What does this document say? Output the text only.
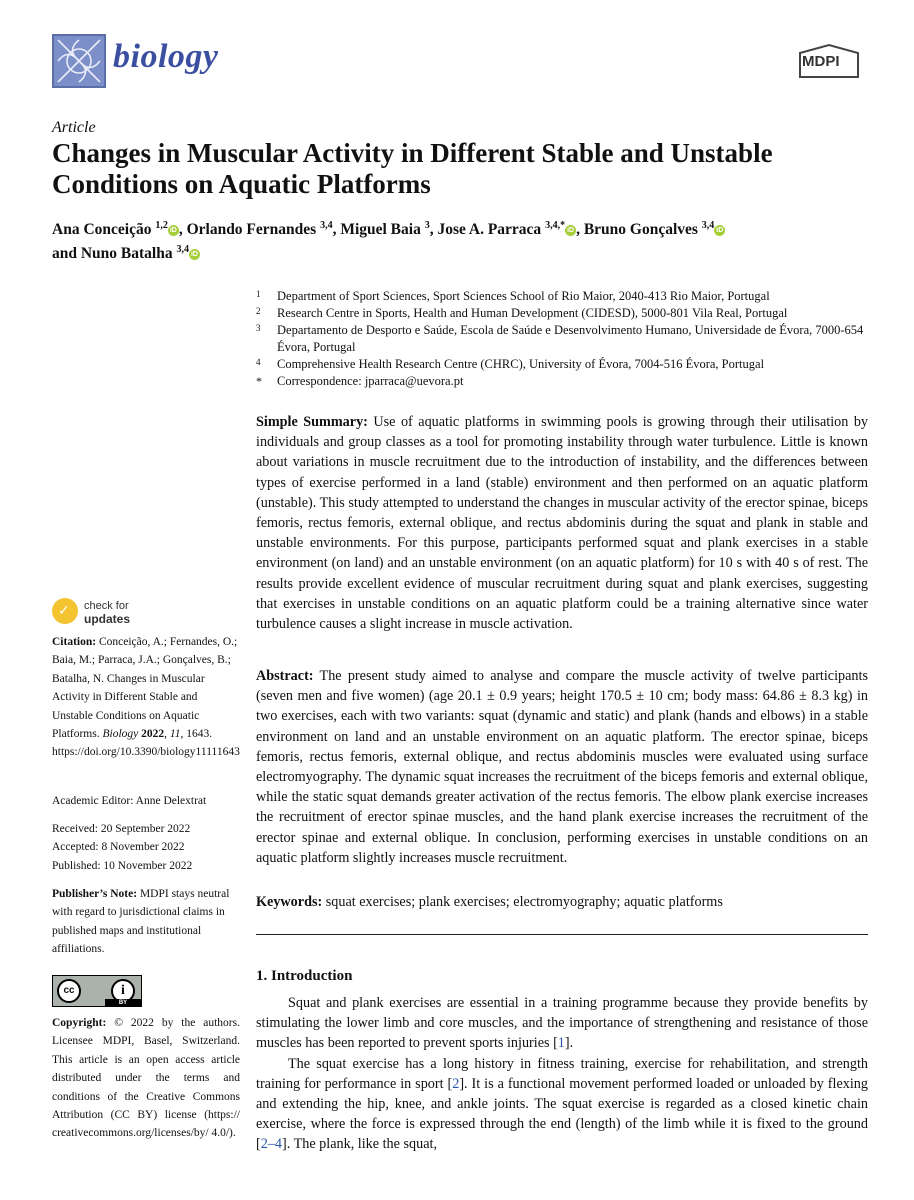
biology	MDPI
Article
Changes in Muscular Activity in Different Stable and Unstable Conditions on Aquatic Platforms
Ana Conceição $^{1,2}$ iD , Orlando Fernandes $^{3,4}$, Miguel Baia $^3$, Jose A. Parraca $^{3,4,*}$ iD , Bruno Gonçalves $^{3,4}$ iD
and Nuno Batalha $^{3,4}$ iD
1 Department of Sport Sciences, Sport Sciences School of Rio Maior, 2040-413 Rio Maior, Portugal
2 Research Centre in Sports, Health and Human Development (CIDESD), 5000-801 Vila Real, Portugal
3 Departamento de Desporto e Saúde, Escola de Saúde e Desenvolvimento Humano, Universidade de Évora, 7000-654 Évora, Portugal
4 Comprehensive Health Research Centre (CHRC), University of Évora, 7004-516 Évora, Portugal
* Correspondence: jparraca@uevora.pt
Simple Summary: Use of aquatic platforms in swimming pools is growing through their utilisation by individuals and group classes as a tool for promoting instability through water turbulence. Little is known about variations in muscle recruitment due to the introduction of instability, and the differences between types of exercise performed in a land (stable) environment and then performed on an aquatic platform (unstable). This study attempted to understand the changes in muscular activity of the erector spinae, biceps femoris, rectus femoris, external oblique, and rectus abdominis during the squat and plank in stable and unstable environments. For this purpose, participants performed squat and plank exercises in a stable environment (on land) and an unstable environment (on an aquatic platform) for 10 s with 40 s of rest. The results provide excellent evidence of muscular recruitment during squat and plank exercises, suggesting that exercises in unstable conditions on an aquatic platform could be a training alternative since water turbulence causes a slight increase in muscle activation.
Abstract: The present study aimed to analyse and compare the muscle activity of twelve participants (seven men and five women) (age 20.1 ± 0.9 years; height 170.5 ± 10 cm; body mass: 64.86 ± 8.3 kg) in two exercises, each with two variants: squat (dynamic and static) and plank (hands and elbows) in a stable environment on land and an unstable environment on an aquatic platform. The erector spinae, biceps femoris, rectus femoris, external oblique, and rectus abdominis muscles were evaluated using surface electromyography. The dynamic squat increases the recruitment of the biceps femoris and external oblique, while the static squat demands greater activation of the rectus femoris. The elbow plank exercise increases the recruitment of erector spinae muscles, and the hand plank exercise increases the recruitment of the erector spinae and external oblique. In conclusion, performing exercises in unstable conditions on an aquatic platform slightly increases muscle recruitment.
Keywords: squat exercises; plank exercises; electromyography; aquatic platforms
1. Introduction
Squat and plank exercises are essential in a training programme because they provide benefits by stimulating the lower limb and core muscles, and the importance of strengthening and resistance of those muscles has been reported to prevent sports injuries [1].
The squat exercise has a long history in fitness training, exercise for rehabilitation, and strength training for performance in sport [2]. It is a functional movement performed loaded or unloaded by flexing and extending the hip, knee, and ankle joints. The squat exercise is regarded as a closed kinetic chain exercise, where the force is expressed through the end (length) of the limb while it is fixed to the ground [2–4]. The plank, like the squat,
✓ check for
updates
Citation: Conceição, A.; Fernandes, O.; Baia, M.; Parraca, J.A.; Gonçalves, B.; Batalha, N. Changes in Muscular Activity in Different Stable and Unstable Conditions on Aquatic Platforms. Biology 2022, 11, 1643. https://doi.org/10.3390/biology11111643
Academic Editor: Anne Delextrat
Received: 20 September 2022
Accepted: 8 November 2022
Published: 10 November 2022
Publisher’s Note: MDPI stays neutral with regard to jurisdictional claims in published maps and institutional affiliations.
cc	i
BY
Copyright: © 2022 by the authors. Licensee MDPI, Basel, Switzerland. This article is an open access article distributed under the terms and conditions of the Creative Commons Attribution (CC BY) license (https:// creativecommons.org/licenses/by/ 4.0/).
